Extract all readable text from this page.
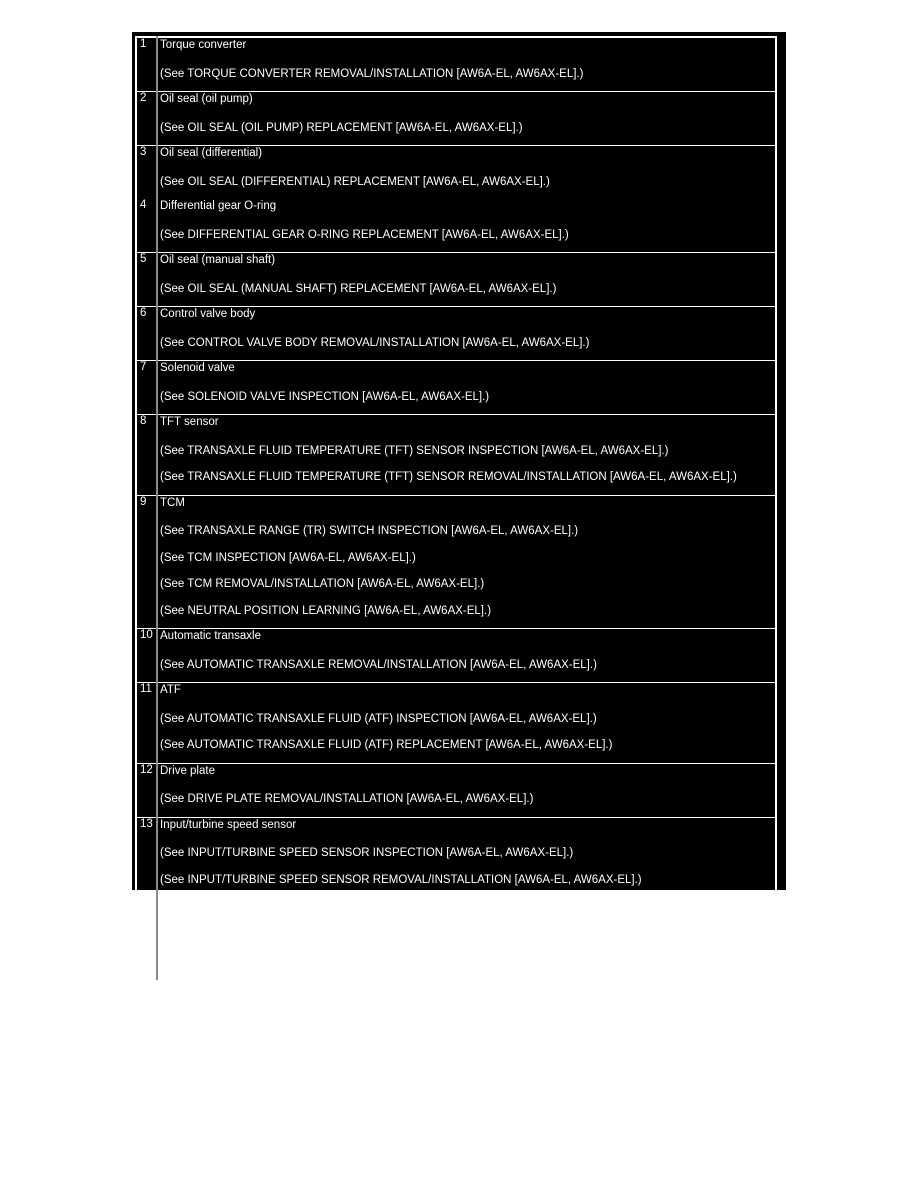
1	Torque converter
(See TORQUE CONVERTER REMOVAL/INSTALLATION [AW6A-EL, AW6AX-EL].)

2	Oil seal (oil pump)
(See OIL SEAL (OIL PUMP) REPLACEMENT [AW6A-EL, AW6AX-EL].)

3	Oil seal (differential)
(See OIL SEAL (DIFFERENTIAL) REPLACEMENT [AW6A-EL, AW6AX-EL].)

4	Differential gear O-ring
(See DIFFERENTIAL GEAR O-RING REPLACEMENT [AW6A-EL, AW6AX-EL].)

5	Oil seal (manual shaft)
(See OIL SEAL (MANUAL SHAFT) REPLACEMENT [AW6A-EL, AW6AX-EL].)

6	Control valve body
(See CONTROL VALVE BODY REMOVAL/INSTALLATION [AW6A-EL, AW6AX-EL].)

7	Solenoid valve
(See SOLENOID VALVE INSPECTION [AW6A-EL, AW6AX-EL].)

8	TFT sensor
(See TRANSAXLE FLUID TEMPERATURE (TFT) SENSOR INSPECTION [AW6A-EL, AW6AX-EL].)
(See TRANSAXLE FLUID TEMPERATURE (TFT) SENSOR REMOVAL/INSTALLATION [AW6A-EL, AW6AX-EL].)

9	TCM
(See TRANSAXLE RANGE (TR) SWITCH INSPECTION [AW6A-EL, AW6AX-EL].)
(See TCM INSPECTION [AW6A-EL, AW6AX-EL].)
(See TCM REMOVAL/INSTALLATION [AW6A-EL, AW6AX-EL].)
(See NEUTRAL POSITION LEARNING [AW6A-EL, AW6AX-EL].)

10	Automatic transaxle
(See AUTOMATIC TRANSAXLE REMOVAL/INSTALLATION [AW6A-EL, AW6AX-EL].)

11	ATF
(See AUTOMATIC TRANSAXLE FLUID (ATF) INSPECTION [AW6A-EL, AW6AX-EL].)
(See AUTOMATIC TRANSAXLE FLUID (ATF) REPLACEMENT [AW6A-EL, AW6AX-EL].)

12	Drive plate
(See DRIVE PLATE REMOVAL/INSTALLATION [AW6A-EL, AW6AX-EL].)

13	Input/turbine speed sensor
(See INPUT/TURBINE SPEED SENSOR INSPECTION [AW6A-EL, AW6AX-EL].)
(See INPUT/TURBINE SPEED SENSOR REMOVAL/INSTALLATION [AW6A-EL, AW6AX-EL].)

14	VSS
(See VEHICLE SPEED SENSOR (VSS) INSPECTION [AW6A-EL, AW6AX-EL].)
(See VEHICLE SPEED SENSOR (VSS) REMOVAL/INSTALLATION [AW6A-EL, AW6AX-EL].)
